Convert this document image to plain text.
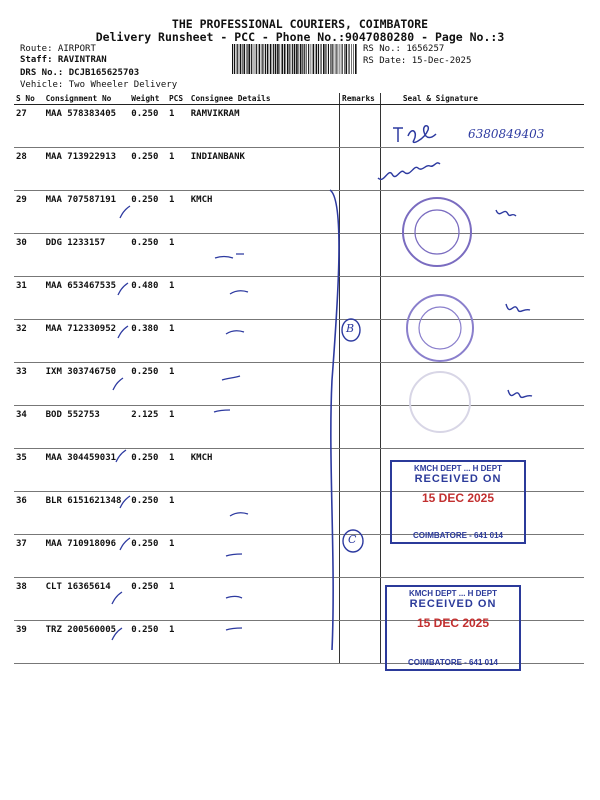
THE PROFESSIONAL COURIERS, COIMBATORE
Delivery Runsheet - PCC - Phone No.:9047080280 - Page No.:3
Route: AIRPORT
Staff: RAVINTRAN
DRS No.: DCJB165625703
Vehicle: Two Wheeler Delivery
RS No.: 1656257
RS Date: 15-Dec-2025
S No	Consignment No	Weight	PCS	Consignee Details	Remarks	Seal & Signature
27	MAA 578383405	0.250	1	RAMVIKRAM		
28	MAA 713922913	0.250	1	INDIANBANK		
29	MAA 707587191	0.250	1	KMCH		
30	DDG 1233157	0.250	1			
31	MAA 653467535	0.480	1			
32	MAA 712330952	0.380	1			
33	IXM 303746750	0.250	1			
34	BOD 552753	2.125	1			
35	MAA 304459031	0.250	1	KMCH		
36	BLR 6151621348	0.250	1			
37	MAA 710918096	0.250	1			
38	CLT 16365614	0.250	1			
39	TRZ 200560005	0.250	1			
6380849403
B
C
KMCH DEPT ... H DEPT
RECEIVED ON
15 DEC 2025
COIMBATORE - 641 014
KMCH DEPT ... H DEPT
RECEIVED ON
15 DEC 2025
COIMBATORE - 641 014
